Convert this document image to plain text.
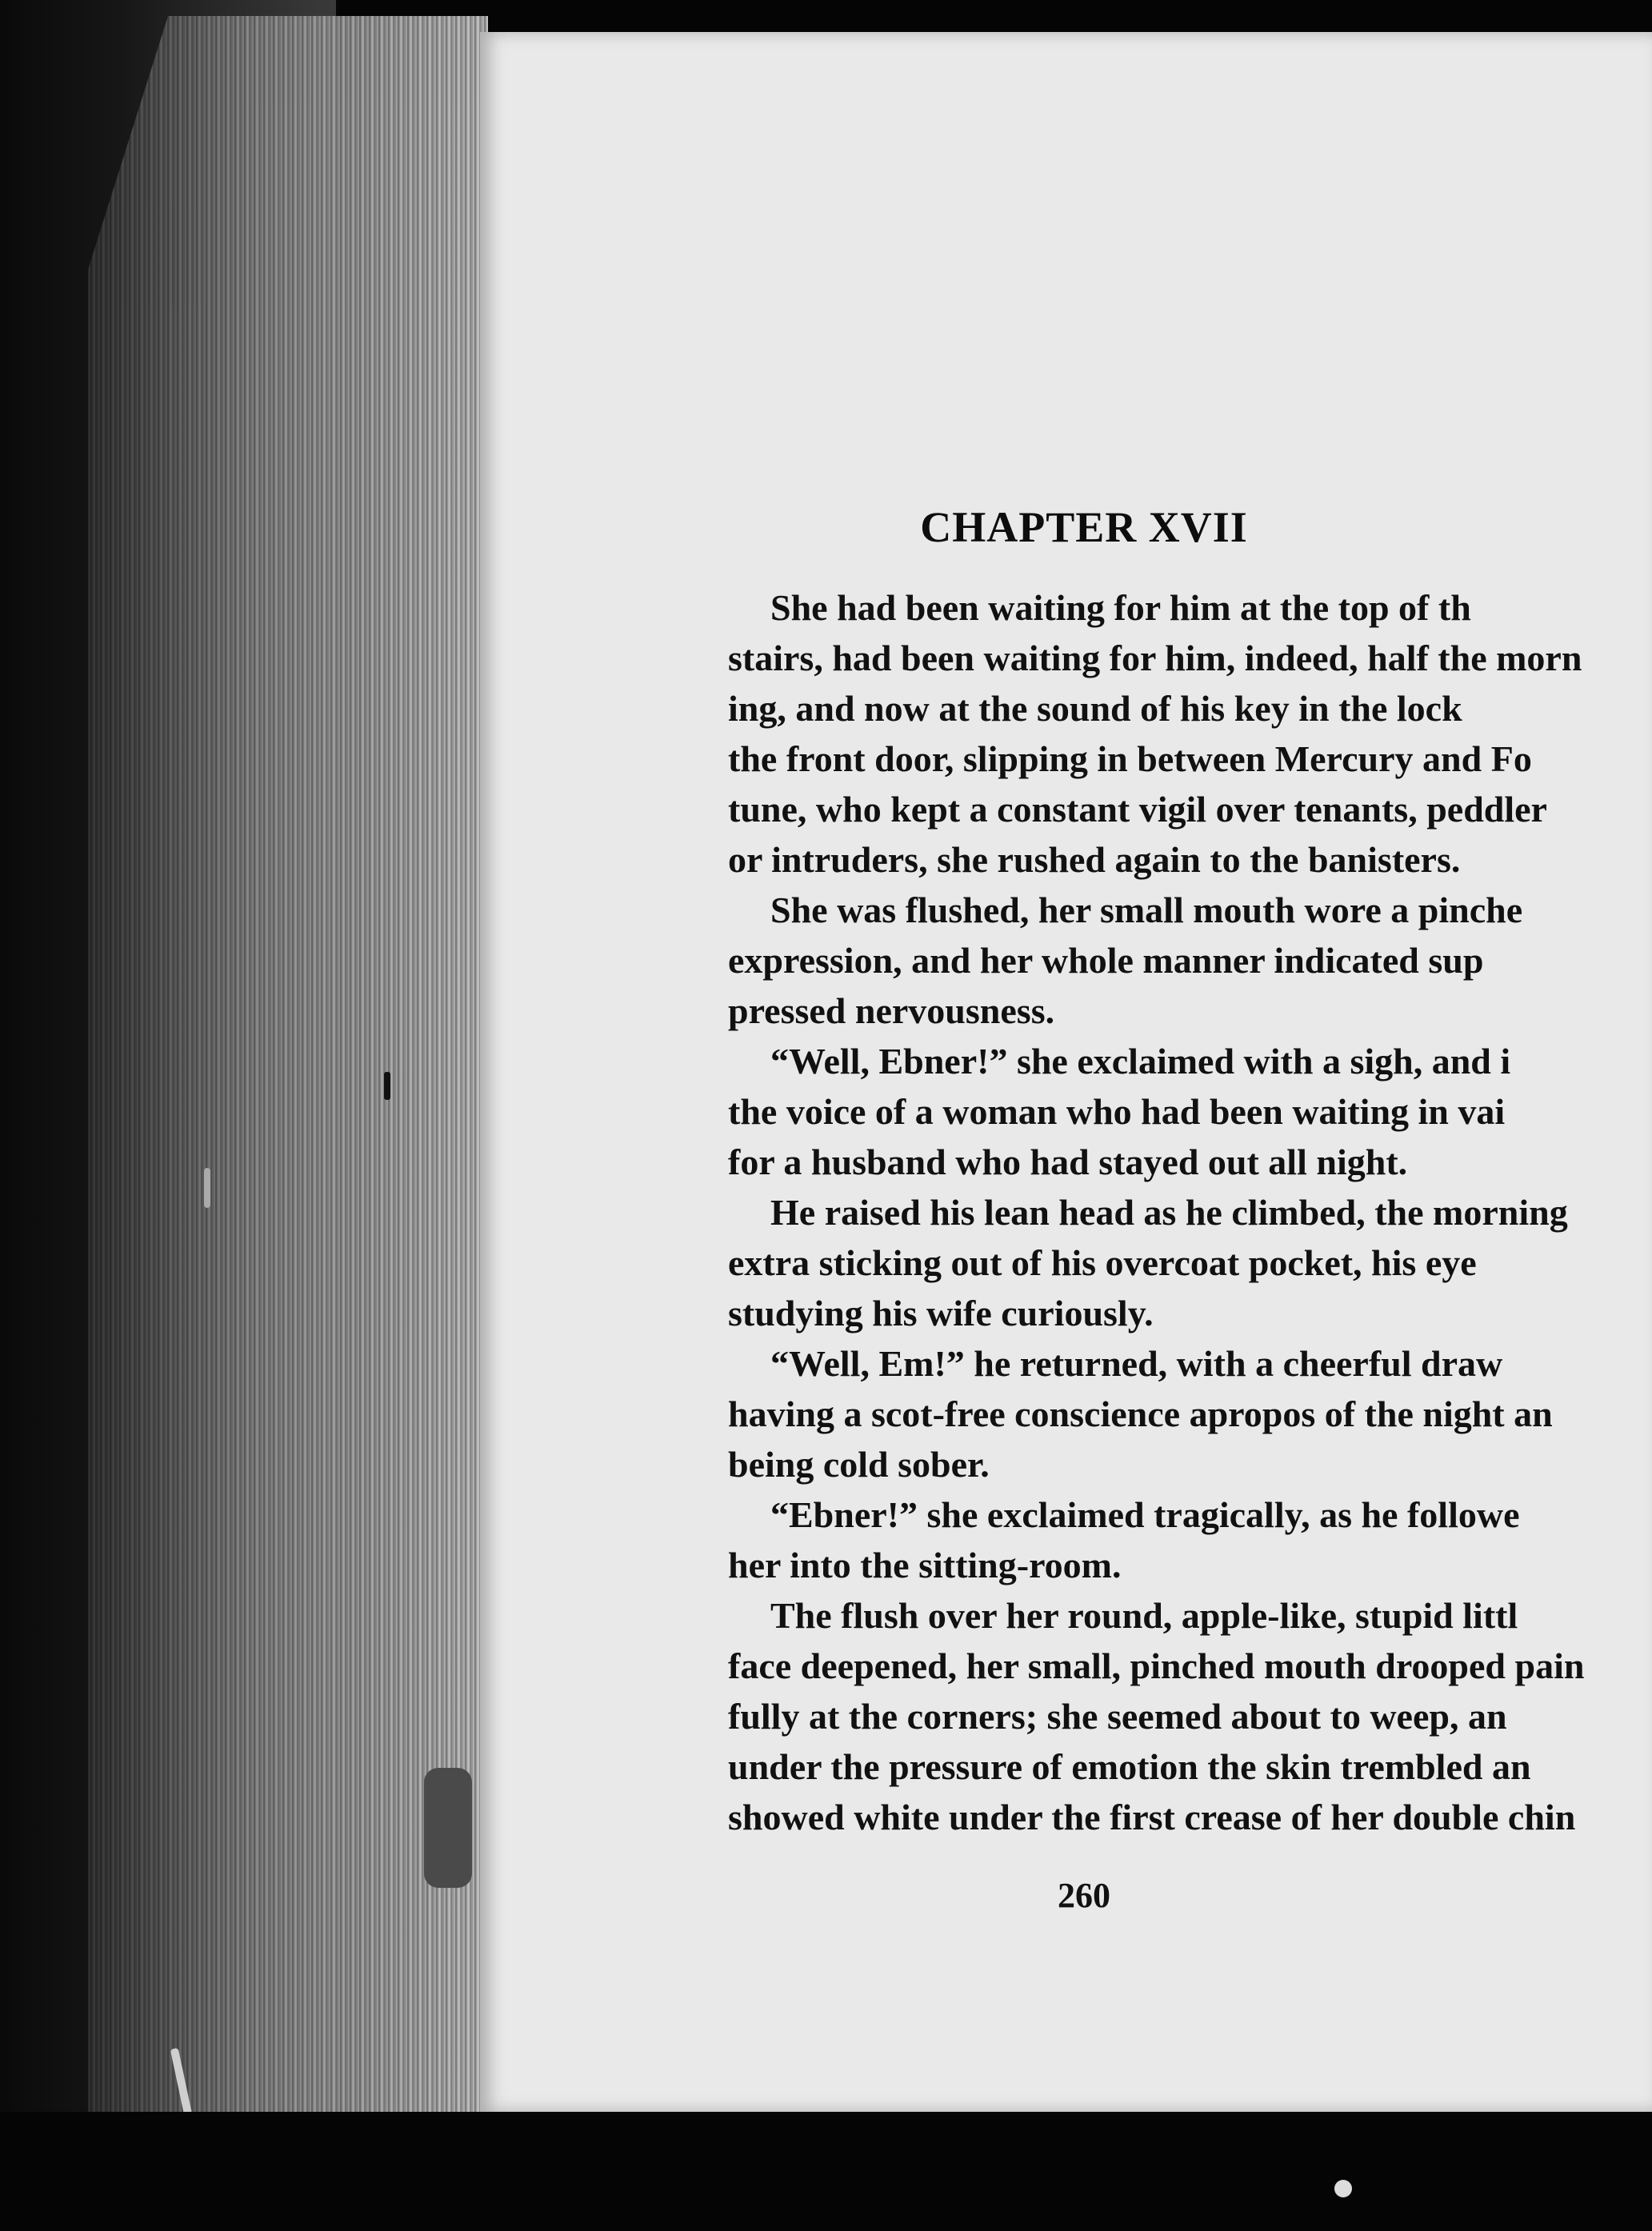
CHAPTER XVII
She had been waiting for him at the top of th
stairs, had been waiting for him, indeed, half the morn
ing, and now at the sound of his key in the lock
the front door, slipping in between Mercury and Fo
tune, who kept a constant vigil over tenants, peddler
or intruders, she rushed again to the banisters.
She was flushed, her small mouth wore a pinche
expression, and her whole manner indicated sup
pressed nervousness.
“Well, Ebner!” she exclaimed with a sigh, and i
the voice of a woman who had been waiting in vai
for a husband who had stayed out all night.
He raised his lean head as he climbed, the morning
extra sticking out of his overcoat pocket, his eye
studying his wife curiously.
“Well, Em!” he returned, with a cheerful draw
having a scot-free conscience apropos of the night an
being cold sober.
“Ebner!” she exclaimed tragically, as he followe
her into the sitting-room.
The flush over her round, apple-like, stupid littl
face deepened, her small, pinched mouth drooped pain
fully at the corners; she seemed about to weep, an
under the pressure of emotion the skin trembled an
showed white under the first crease of her double chin
260
